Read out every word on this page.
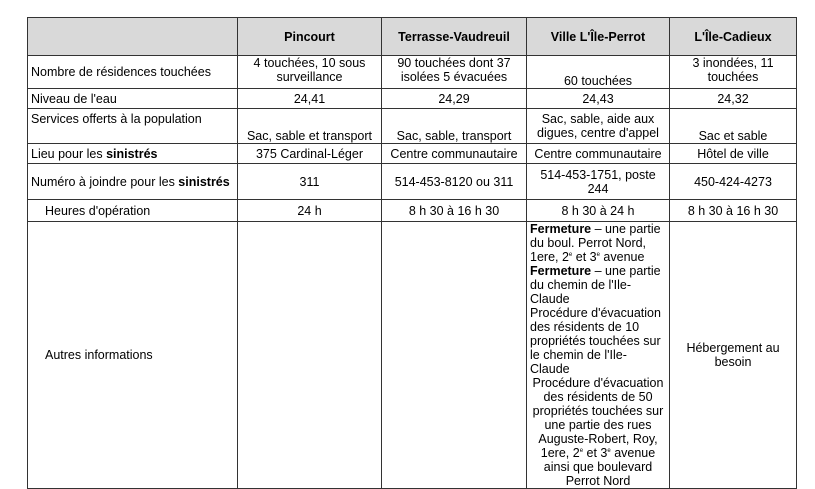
	Pincourt	Terrasse-Vaudreuil	Ville L'Île-Perrot	L'Île-Cadieux
Nombre de résidences touchées	4 touchées, 10 sous surveillance	90 touchées dont 37 isolées 5 évacuées	60 touchées	3 inondées, 11 touchées
Niveau de l'eau	24,41	24,29	24,43	24,32
Services offerts à la population	Sac, sable et transport	Sac, sable, transport	Sac, sable, aide aux digues, centre d'appel	Sac et sable
Lieu pour les sinistrés	375 Cardinal-Léger	Centre communautaire	Centre communautaire	Hôtel de ville
Numéro à joindre pour les sinistrés	311	514-453-8120 ou 311	514-453-1751, poste 244	450-424-4273
Heures d'opération	24 h	8 h 30 à 16 h 30	8 h 30 à 24 h	8 h 30 à 16 h 30
Autres informations			Fermeture – une partie du boul. Perrot Nord, 1ere, 2e et 3e avenue
Fermeture – une partie du chemin de l'Ile-Claude
Procédure d'évacuation des résidents de 10 propriétés touchées sur le chemin de l'Ile-Claude
Procédure d'évacuation des résidents de 50 propriétés touchées sur une partie des rues Auguste-Robert, Roy, 1ere, 2e et 3e avenue ainsi que boulevard Perrot Nord	Hébergement au besoin
